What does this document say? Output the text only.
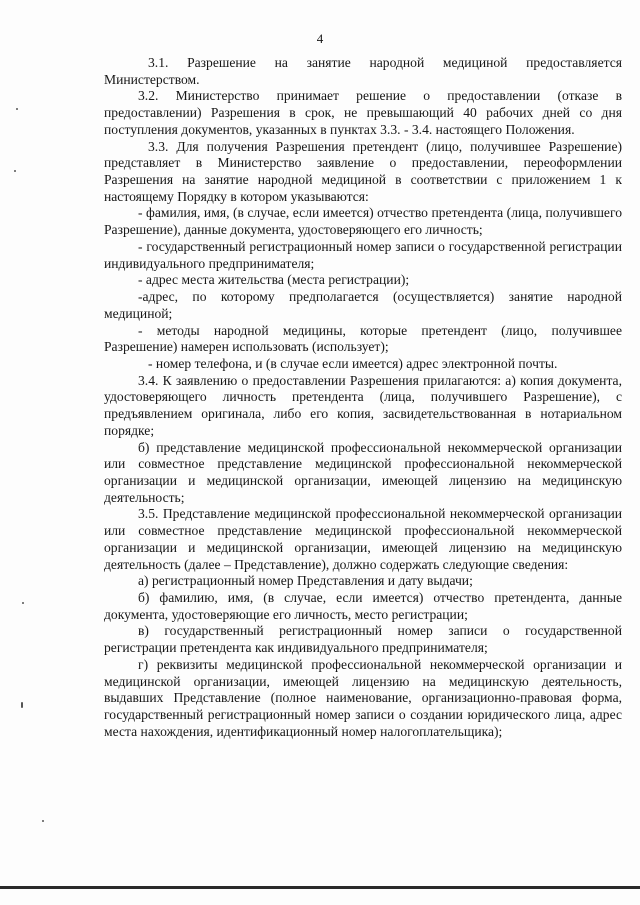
4

3.1. Разрешение на занятие народной медициной предоставляется Министерством.

3.2. Министерство принимает решение о предоставлении (отказе в предоставлении) Разрешения в срок, не превышающий 40 рабочих дней со дня поступления документов, указанных в пунктах 3.3. - 3.4. настоящего Положения.

3.3. Для получения Разрешения претендент (лицо, получившее Разрешение) представляет в Министерство заявление о предоставлении, переоформлении Разрешения на занятие народной медициной в соответствии с приложением 1 к настоящему Порядку в котором указываются:

- фамилия, имя, (в случае, если имеется) отчество претендента (лица, получившего Разрешение), данные документа, удостоверяющего его личность;

- государственный регистрационный номер записи о государственной регистрации индивидуального предпринимателя;

- адрес места жительства (места регистрации);

-адрес, по которому предполагается (осуществляется) занятие народной медициной;

- методы народной медицины, которые претендент (лицо, получившее Разрешение) намерен использовать (использует);

- номер телефона, и (в случае если имеется) адрес электронной почты.

3.4. К заявлению о предоставлении Разрешения прилагаются: а) копия документа, удостоверяющего личность претендента (лица, получившего Разрешение), с предъявлением оригинала, либо его копия, засвидетельствованная в нотариальном порядке;

б) представление медицинской профессиональной некоммерческой организации или совместное представление медицинской профессиональной некоммерческой организации и медицинской организации, имеющей лицензию на медицинскую деятельность;

3.5. Представление медицинской профессиональной некоммерческой организации или совместное представление медицинской профессиональной некоммерческой организации и медицинской организации, имеющей лицензию на медицинскую деятельность (далее – Представление), должно содержать следующие сведения:

а) регистрационный номер Представления и дату выдачи;

б) фамилию, имя, (в случае, если имеется) отчество претендента, данные документа, удостоверяющие его личность, место регистрации;

в) государственный регистрационный номер записи о государственной регистрации претендента как индивидуального предпринимателя;

г) реквизиты медицинской профессиональной некоммерческой организации и медицинской организации, имеющей лицензию на медицинскую деятельность, выдавших Представление (полное наименование, организационно-правовая форма, государственный регистрационный номер записи о создании юридического лица, адрес места нахождения, идентификационный номер налогоплательщика);
